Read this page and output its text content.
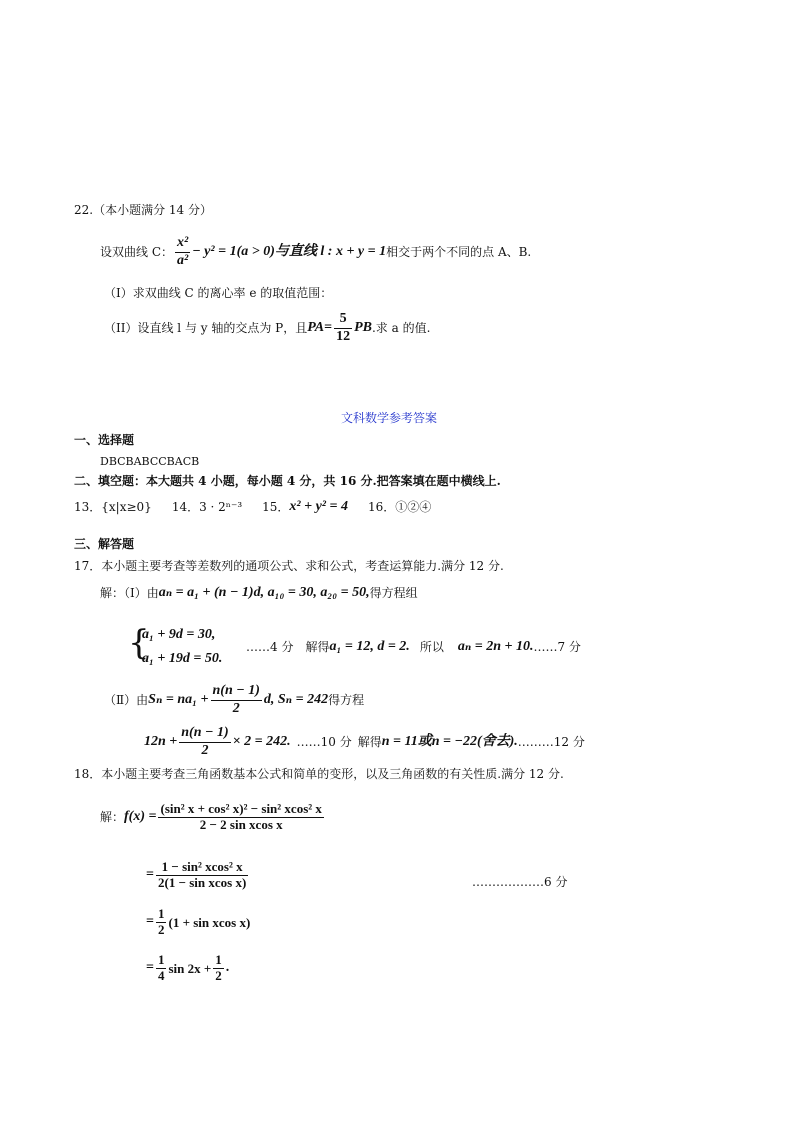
22.（本小题满分 14 分）
设双曲线 C： $\frac{\text{x²}}{\text{a²}} - y^2 = 1(a > 0)$ 与直线 l : x + y = 1 相交于两个不同的点 A、B.
（I）求双曲线 C 的离心率 e 的取值范围：
（II）设直线 l 与 y 轴的交点为 P，且 PA = $\frac{5}{12}$ PB .求 a 的值.
文科数学参考答案
一、选择题
DBCBABCCBACB
二、填空题：本大题共 4 小题，每小题 4 分，共 16 分.把答案填在题中横线上.
13．{x|x≥0} 14．3 · 2ⁿ⁻³ 15． x² + y² = 4 16．①②④
三、解答题
17．本小题主要考查等差数列的通项公式、求和公式，考查运算能力.满分 12 分.
解：（Ⅰ）由 aₙ = a₁ + (n − 1)d, a₁₀ = 30, a₂₀ = 50, 得方程组
{
a₁ + 9d = 30,
a₁ + 19d = 50.
……4 分 解得 a₁ = 12, d = 2. 所以 aₙ = 2n + 10. ……7 分
（Ⅱ）由 $S_n = na_1 + \frac{n(n - 1)}{2} d$, Sₙ = 242 得方程
$12n + \frac{n(n - 1)}{2} \times 2 = 242$. ……10 分 解得 n = 11或n = −22(舍去). ………12 分
18．本小题主要考查三角函数基本公式和简单的变形，以及三角函数的有关性质.满分 12 分.
解： $f(x) = \frac{\text{(sin² x + cos² x)² − sin² xcos² x}}{\text{2 − 2 sin xcos x}}$
= $\frac{\text{1 − sin² xcos² x}}{\text{2(1 − sin xcos x)}}$	………………6 分
= $\frac{1}{2} (1 + \sin xcos$ x)
= $\frac{1}{4}$ $\sin 2x + \frac{1}{2}$ .
